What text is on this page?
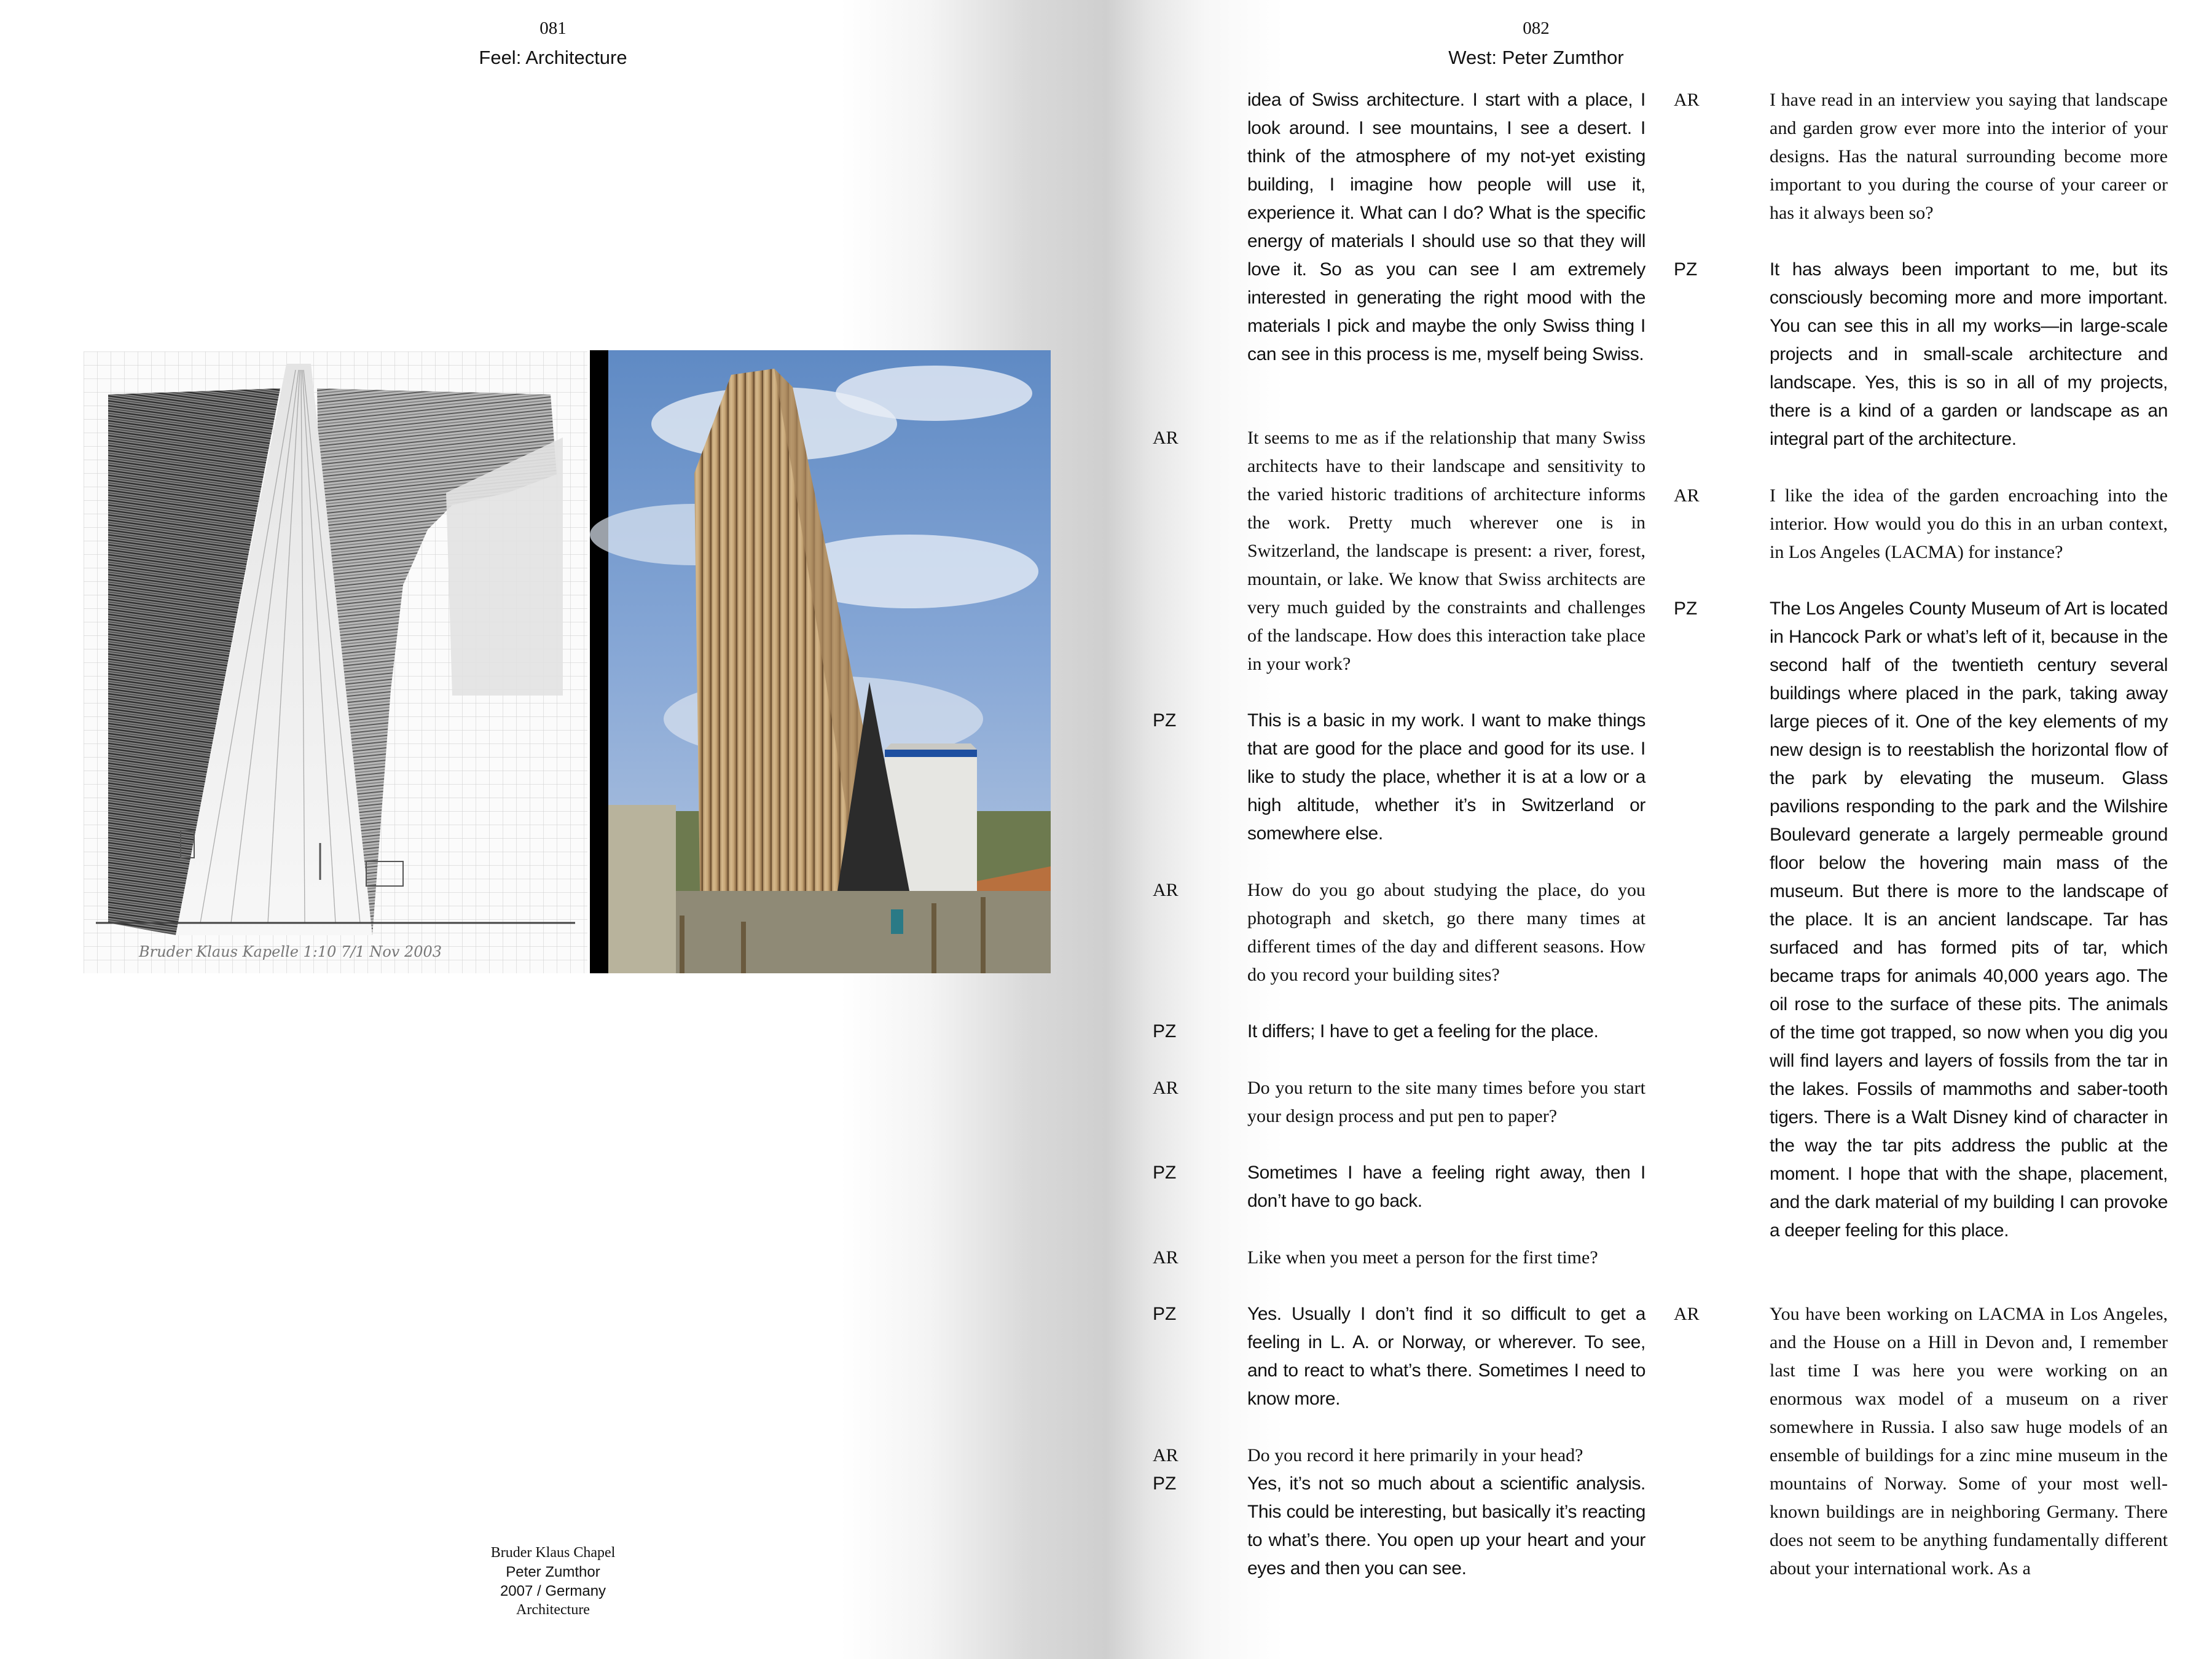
081
Feel: Architecture
Bruder Klaus Kapelle 1:10 7/1 Nov 2003
Bruder Klaus Chapel
Peter Zumthor
2007 / Germany
Architecture
082
West: Peter Zumthor
idea of Swiss architecture. I start with a place, I look around. I see mountains, I see a desert. I think of the atmosphere of my not-yet existing building, I imagine how people will use it, experience it. What can I do? What is the specific energy of materials I should use so that they will love it. So as you can see I am extremely interested in generating the right mood with the materials I pick and maybe the only Swiss thing I can see in this process is me, myself being Swiss.
AR	It seems to me as if the relationship that many Swiss architects have to their landscape and sensitivity to the varied historic traditions of architecture informs the work. Pretty much wherever one is in Switzerland, the landscape is present: a river, forest, mountain, or lake. We know that Swiss architects are very much guided by the constraints and challenges of the landscape. How does this interaction take place in your work?
PZ	This is a basic in my work. I want to make things that are good for the place and good for its use. I like to study the place, whether it is at a low or a high altitude, whether it’s in Switzerland or somewhere else.
AR	How do you go about studying the place, do you photograph and sketch, go there many times at different times of the day and different seasons. How do you record your building sites?
PZ	It differs; I have to get a feeling for the place.
AR	Do you return to the site many times before you start your design process and put pen to paper?
PZ	Sometimes I have a feeling right away, then I don’t have to go back.
AR	Like when you meet a person for the first time?
PZ	Yes. Usually I don’t find it so difficult to get a feeling in L. A. or Norway, or wherever. To see, and to react to what’s there. Sometimes I need to know more.
AR	Do you record it here primarily in your head?
PZ	Yes, it’s not so much about a scientific analysis. This could be interesting, but basically it’s reacting to what’s there. You open up your heart and your eyes and then you can see.
AR	I have read in an interview you saying that landscape and garden grow ever more into the interior of your designs. Has the natural surrounding become more important to you during the course of your career or has it always been so?
PZ	It has always been important to me, but its consciously becoming more and more important. You can see this in all my works—in large-scale projects and in small-scale architecture and landscape. Yes, this is so in all of my projects, there is a kind of a garden or landscape as an integral part of the architecture.
AR	I like the idea of the garden encroaching into the interior. How would you do this in an urban context, in Los Angeles (LACMA) for instance?
PZ	The Los Angeles County Museum of Art is located in Hancock Park or what’s left of it, because in the second half of the twentieth century several buildings where placed in the park, taking away large pieces of it. One of the key elements of my new design is to reestablish the horizontal flow of the park by elevating the museum. Glass pavilions responding to the park and the Wilshire Boulevard generate a largely permeable ground floor below the hovering main mass of the museum. But there is more to the landscape of the place. It is an ancient landscape. Tar has surfaced and has formed pits of tar, which became traps for animals 40,000 years ago. The oil rose to the surface of these pits. The animals of the time got trapped, so now when you dig you will find layers and layers of fossils from the tar in the lakes. Fossils of mammoths and saber-tooth tigers. There is a Walt Disney kind of character in the way the tar pits address the public at the moment. I hope that with the shape, placement, and the dark material of my building I can provoke a deeper feeling for this place.
AR	You have been working on LACMA in Los Angeles, and the House on a Hill in Devon and, I remember last time I was here you were working on an enormous wax model of a museum on a river somewhere in Russia. I also saw huge models of an ensemble of buildings for a zinc mine museum in the mountains of Norway. Some of your most well-known buildings are in neighboring Germany. There does not seem to be anything fundamentally different about your international work. As a
